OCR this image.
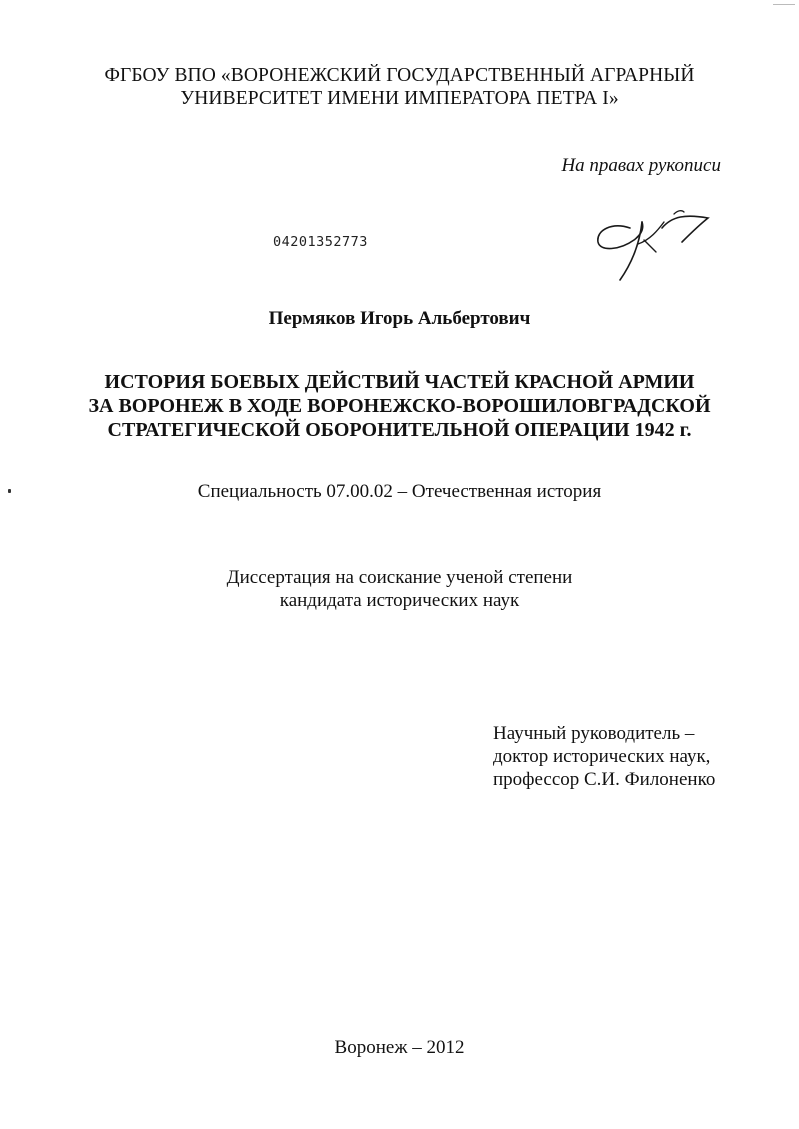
ФГБОУ ВПО «ВОРОНЕЖСКИЙ ГОСУДАРСТВЕННЫЙ АГРАРНЫЙ
УНИВЕРСИТЕТ ИМЕНИ ИМПЕРАТОРА ПЕТРА I»
На правах рукописи
04201352773
Пермяков Игорь Альбертович
ИСТОРИЯ БОЕВЫХ ДЕЙСТВИЙ ЧАСТЕЙ КРАСНОЙ АРМИИ
ЗА ВОРОНЕЖ В ХОДЕ ВОРОНЕЖСКО-ВОРОШИЛОВГРАДСКОЙ
СТРАТЕГИЧЕСКОЙ ОБОРОНИТЕЛЬНОЙ ОПЕРАЦИИ 1942 г.
Специальность 07.00.02 – Отечественная история
Диссертация на соискание ученой степени
кандидата исторических наук
Научный руководитель –
доктор исторических наук,
профессор С.И. Филоненко
Воронеж – 2012
